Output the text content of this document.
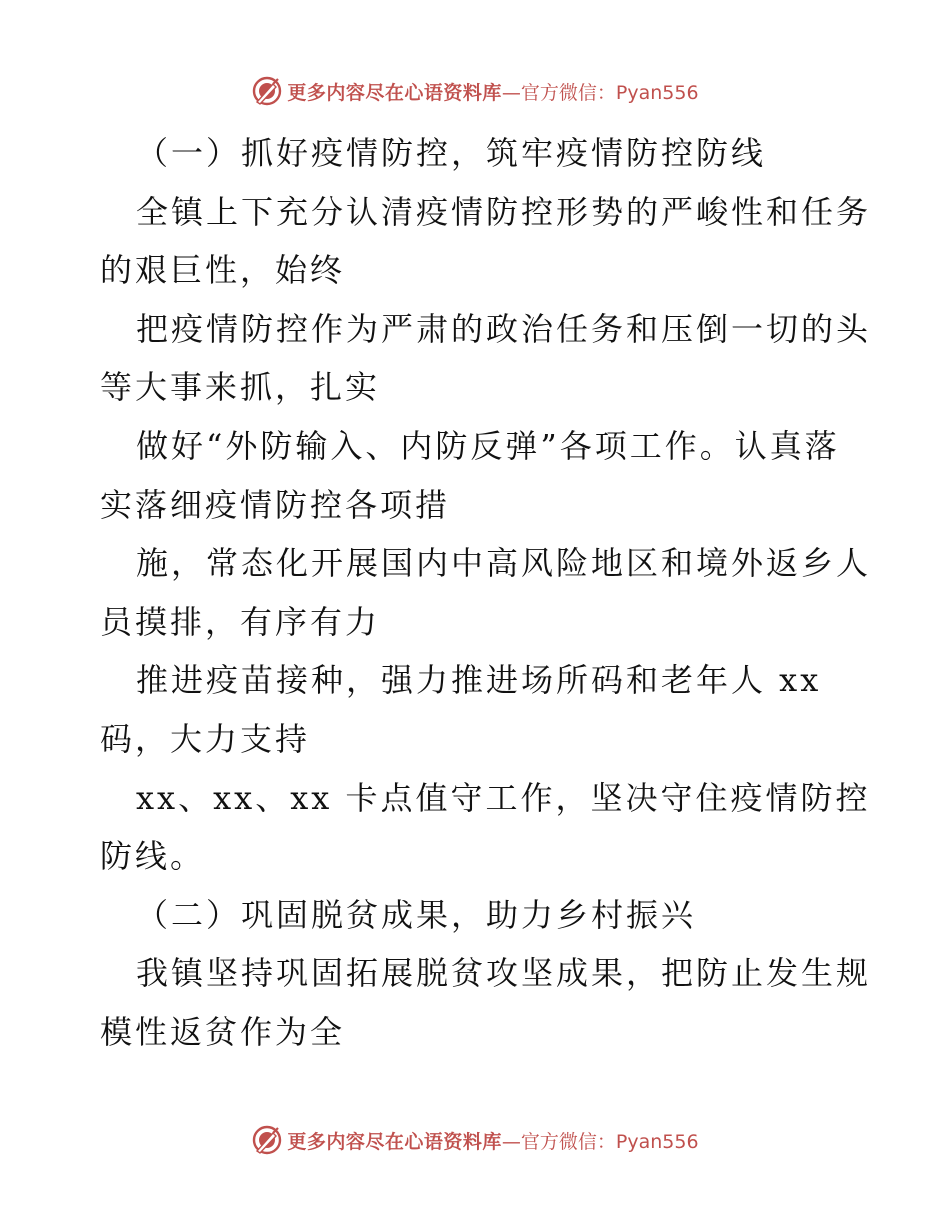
更多内容尽在心语资料库 —官方微信：Pyan556
（一）抓好疫情防控，筑牢疫情防控防线
全镇上下充分认清疫情防控形势的严峻性和任务
的艰巨性，始终
把疫情防控作为严肃的政治任务和压倒一切的头
等大事来抓，扎实
做好“外防输入、内防反弹”各项工作。认真落
实落细疫情防控各项措
施，常态化开展国内中高风险地区和境外返乡人
员摸排，有序有力
推进疫苗接种，强力推进场所码和老年人 xx
码，大力支持
xx、xx、xx 卡点值守工作，坚决守住疫情防控
防线。
（二）巩固脱贫成果，助力乡村振兴
我镇坚持巩固拓展脱贫攻坚成果，把防止发生规
模性返贫作为全
更多内容尽在心语资料库 —官方微信：Pyan556
